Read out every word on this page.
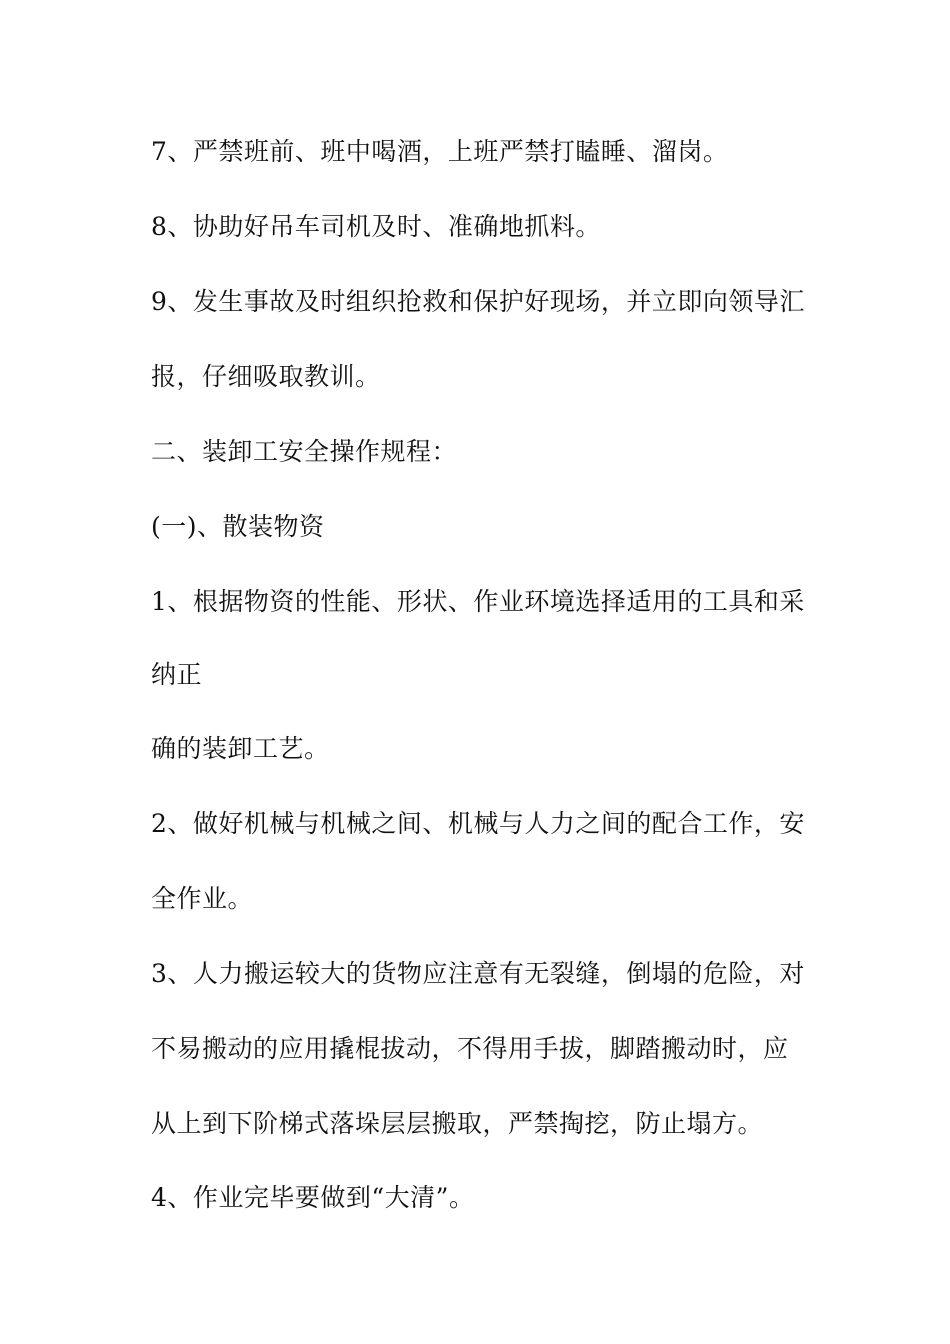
7、严禁班前、班中喝酒，上班严禁打瞌睡、溜岗。
8、协助好吊车司机及时、准确地抓料。
9、发生事故及时组织抢救和保护好现场，并立即向领导汇
报，仔细吸取教训。
二、装卸工安全操作规程：
(一)、散装物资
1、根据物资的性能、形状、作业环境选择适用的工具和采
纳正
确的装卸工艺。
2、做好机械与机械之间、机械与人力之间的配合工作，安
全作业。
3、人力搬运较大的货物应注意有无裂缝，倒塌的危险，对
不易搬动的应用撬棍拔动，不得用手拔，脚踏搬动时，应
从上到下阶梯式落垛层层搬取，严禁掏挖，防止塌方。
4、作业完毕要做到“大清”。
